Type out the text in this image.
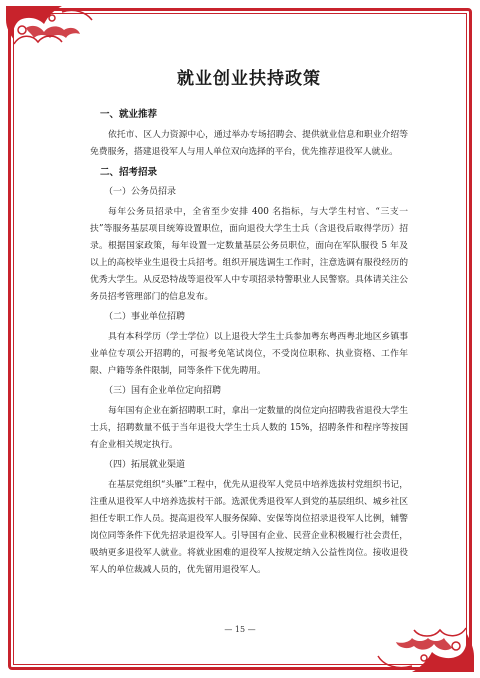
就业创业扶持政策
一、就业推荐
依托市、区人力资源中心，通过举办专场招聘会、提供就业信息和职业介绍等免费服务，搭建退役军人与用人单位双向选择的平台，优先推荐退役军人就业。
二、招考招录
（一）公务员招录
每年公务员招录中，全省至少安排 400 名指标，与大学生村官、“三支一扶”等服务基层项目统筹设置职位，面向退役大学生士兵（含退役后取得学历）招录。根据国家政策，每年设置一定数量基层公务员职位，面向在军队服役 5 年及以上的高校毕业生退役士兵招考。组织开展选调生工作时，注意选调有服役经历的优秀大学生。从反恐特战等退役军人中专项招录特警职业人民警察。具体请关注公务员招考管理部门的信息发布。
（二）事业单位招聘
具有本科学历（学士学位）以上退役大学生士兵参加粤东粤西粤北地区乡镇事业单位专项公开招聘的，可报考免笔试岗位，不受岗位职称、执业资格、工作年限、户籍等条件限制，同等条件下优先聘用。
（三）国有企业单位定向招聘
每年国有企业在新招聘职工时，拿出一定数量的岗位定向招聘我省退役大学生士兵，招聘数量不低于当年退役大学生士兵人数的 15%，招聘条件和程序等按国有企业相关规定执行。
（四）拓展就业渠道
在基层党组织“头雁”工程中，优先从退役军人党员中培养选拔村党组织书记，注重从退役军人中培养选拔村干部。选派优秀退役军人到党的基层组织、城乡社区担任专职工作人员。提高退役军人服务保障、安保等岗位招录退役军人比例，辅警岗位同等条件下优先招录退役军人。引导国有企业、民营企业积极履行社会责任，吸纳更多退役军人就业。将就业困难的退役军人按规定纳入公益性岗位。接收退役军人的单位裁减人员的，优先留用退役军人。
— 15 —
